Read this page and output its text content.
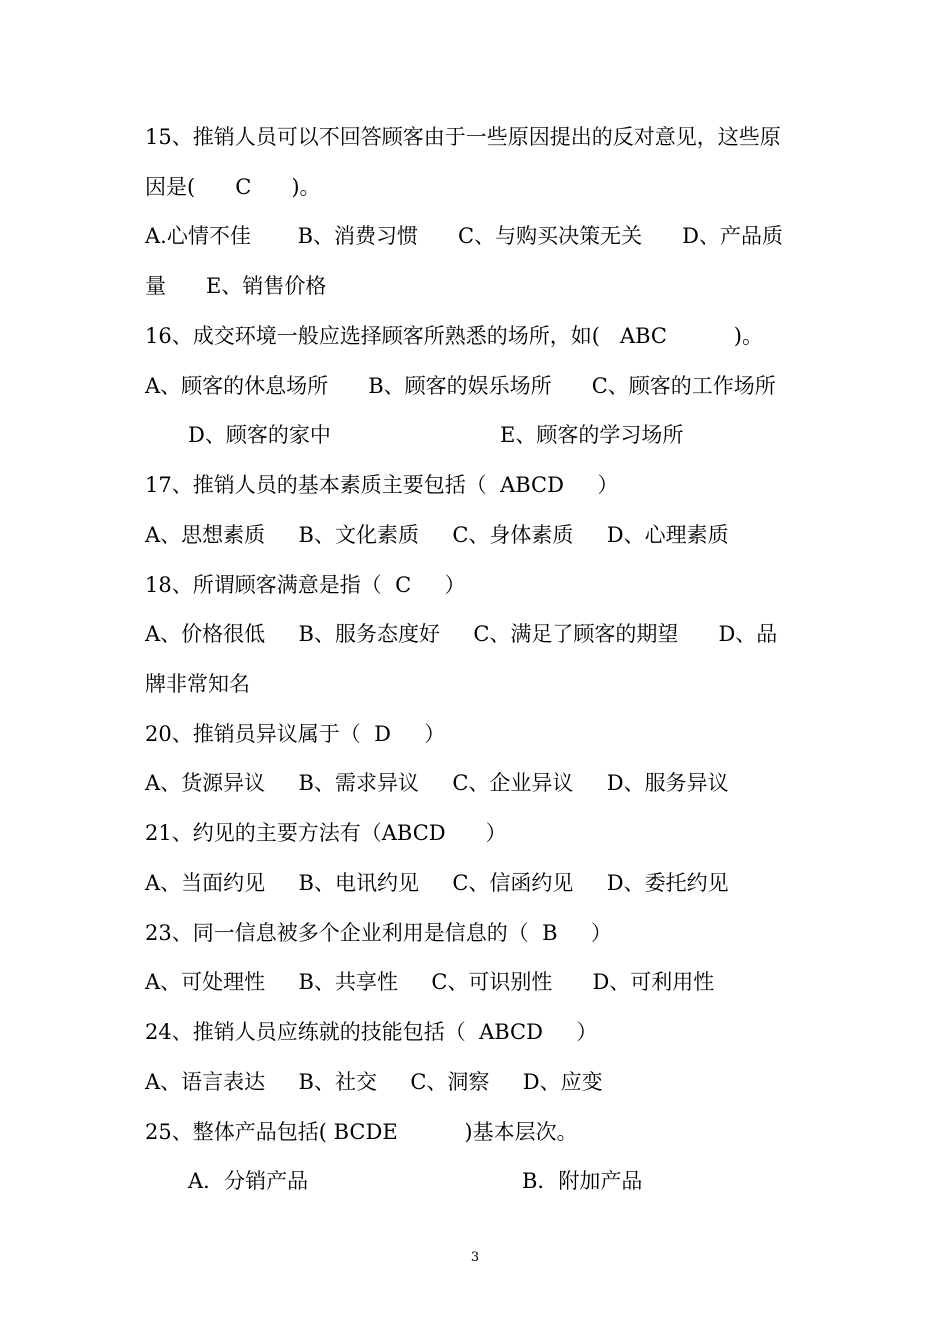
15、推销人员可以不回答顾客由于一些原因提出的反对意见，这些原
因是(      C      )。
A.心情不佳       B、消费习惯      C、与购买决策无关      D、产品质
量      E、销售价格
16、成交环境一般应选择顾客所熟悉的场所，如(   ABC          )。
A、顾客的休息场所      B、顾客的娱乐场所      C、顾客的工作场所

D、顾客的家中

	E、顾客的学习场所

17、推销人员的基本素质主要包括（  ABCD     ）
A、思想素质     B、文化素质     C、身体素质     D、心理素质
18、所谓顾客满意是指（  C     ）
A、价格很低     B、服务态度好     C、满足了顾客的期望      D、品
牌非常知名
20、推销员异议属于（  D     ）
A、货源异议     B、需求异议     C、企业异议     D、服务异议
21、约见的主要方法有（ABCD      ）
A、当面约见     B、电讯约见     C、信函约见     D、委托约见
23、同一信息被多个企业利用是信息的（  B     ）
A、可处理性     B、共享性     C、可识别性      D、可利用性
24、推销人员应练就的技能包括（  ABCD     ）
A、语言表达     B、社交     C、洞察     D、应变
25、整体产品包括( BCDE          )基本层次。

A．分销产品

	B．附加产品

3
